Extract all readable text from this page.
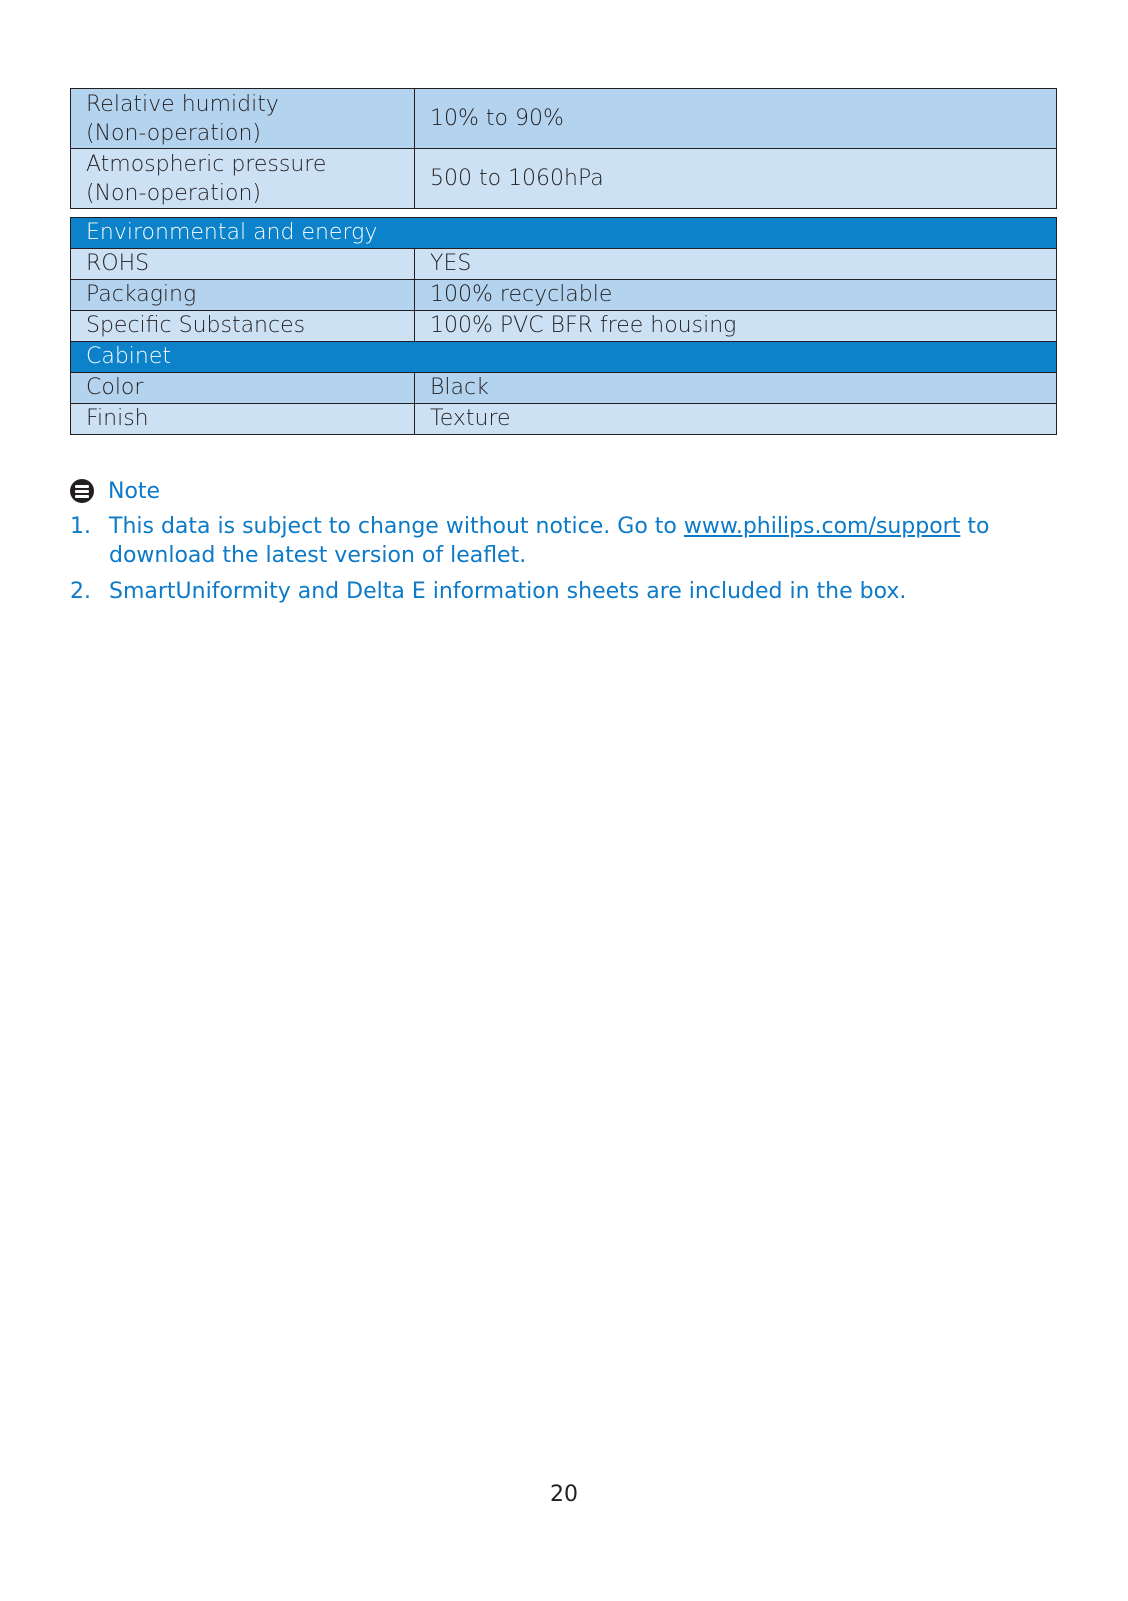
Relative humidity
(Non-operation)	10% to 90%
Atmospheric pressure
(Non-operation)	500 to 1060hPa
Environmental and energy	
ROHS	YES
Packaging	100% recyclable
Specific Substances	100% PVC BFR free housing
Cabinet	
Color	Black
Finish	Texture
Note
1. This data is subject to change without notice. Go to www.philips.com/support to download the latest version of leaflet.
2. SmartUniformity and Delta E information sheets are included in the box.
20
